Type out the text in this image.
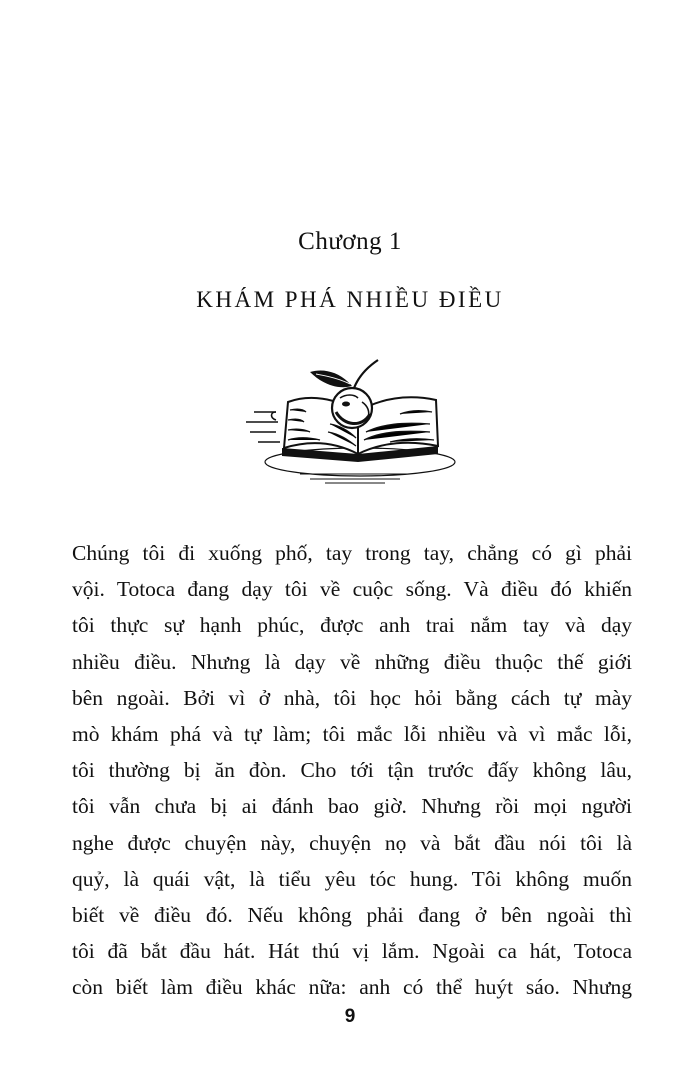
Chương 1
KHÁM PHÁ NHIỀU ĐIỀU
Chúng tôi đi xuống phố, tay trong tay, chẳng có gì phải
vội. Totoca đang dạy tôi về cuộc sống. Và điều đó khiến
tôi thực sự hạnh phúc, được anh trai nắm tay và dạy
nhiều điều. Nhưng là dạy về những điều thuộc thế giới
bên ngoài. Bởi vì ở nhà, tôi học hỏi bằng cách tự mày
mò khám phá và tự làm; tôi mắc lỗi nhiều và vì mắc lỗi,
tôi thường bị ăn đòn. Cho tới tận trước đấy không lâu,
tôi vẫn chưa bị ai đánh bao giờ. Nhưng rồi mọi người
nghe được chuyện này, chuyện nọ và bắt đầu nói tôi là
quỷ, là quái vật, là tiểu yêu tóc hung. Tôi không muốn
biết về điều đó. Nếu không phải đang ở bên ngoài thì
tôi đã bắt đầu hát. Hát thú vị lắm. Ngoài ca hát, Totoca
còn biết làm điều khác nữa: anh có thể huýt sáo. Nhưng
9
